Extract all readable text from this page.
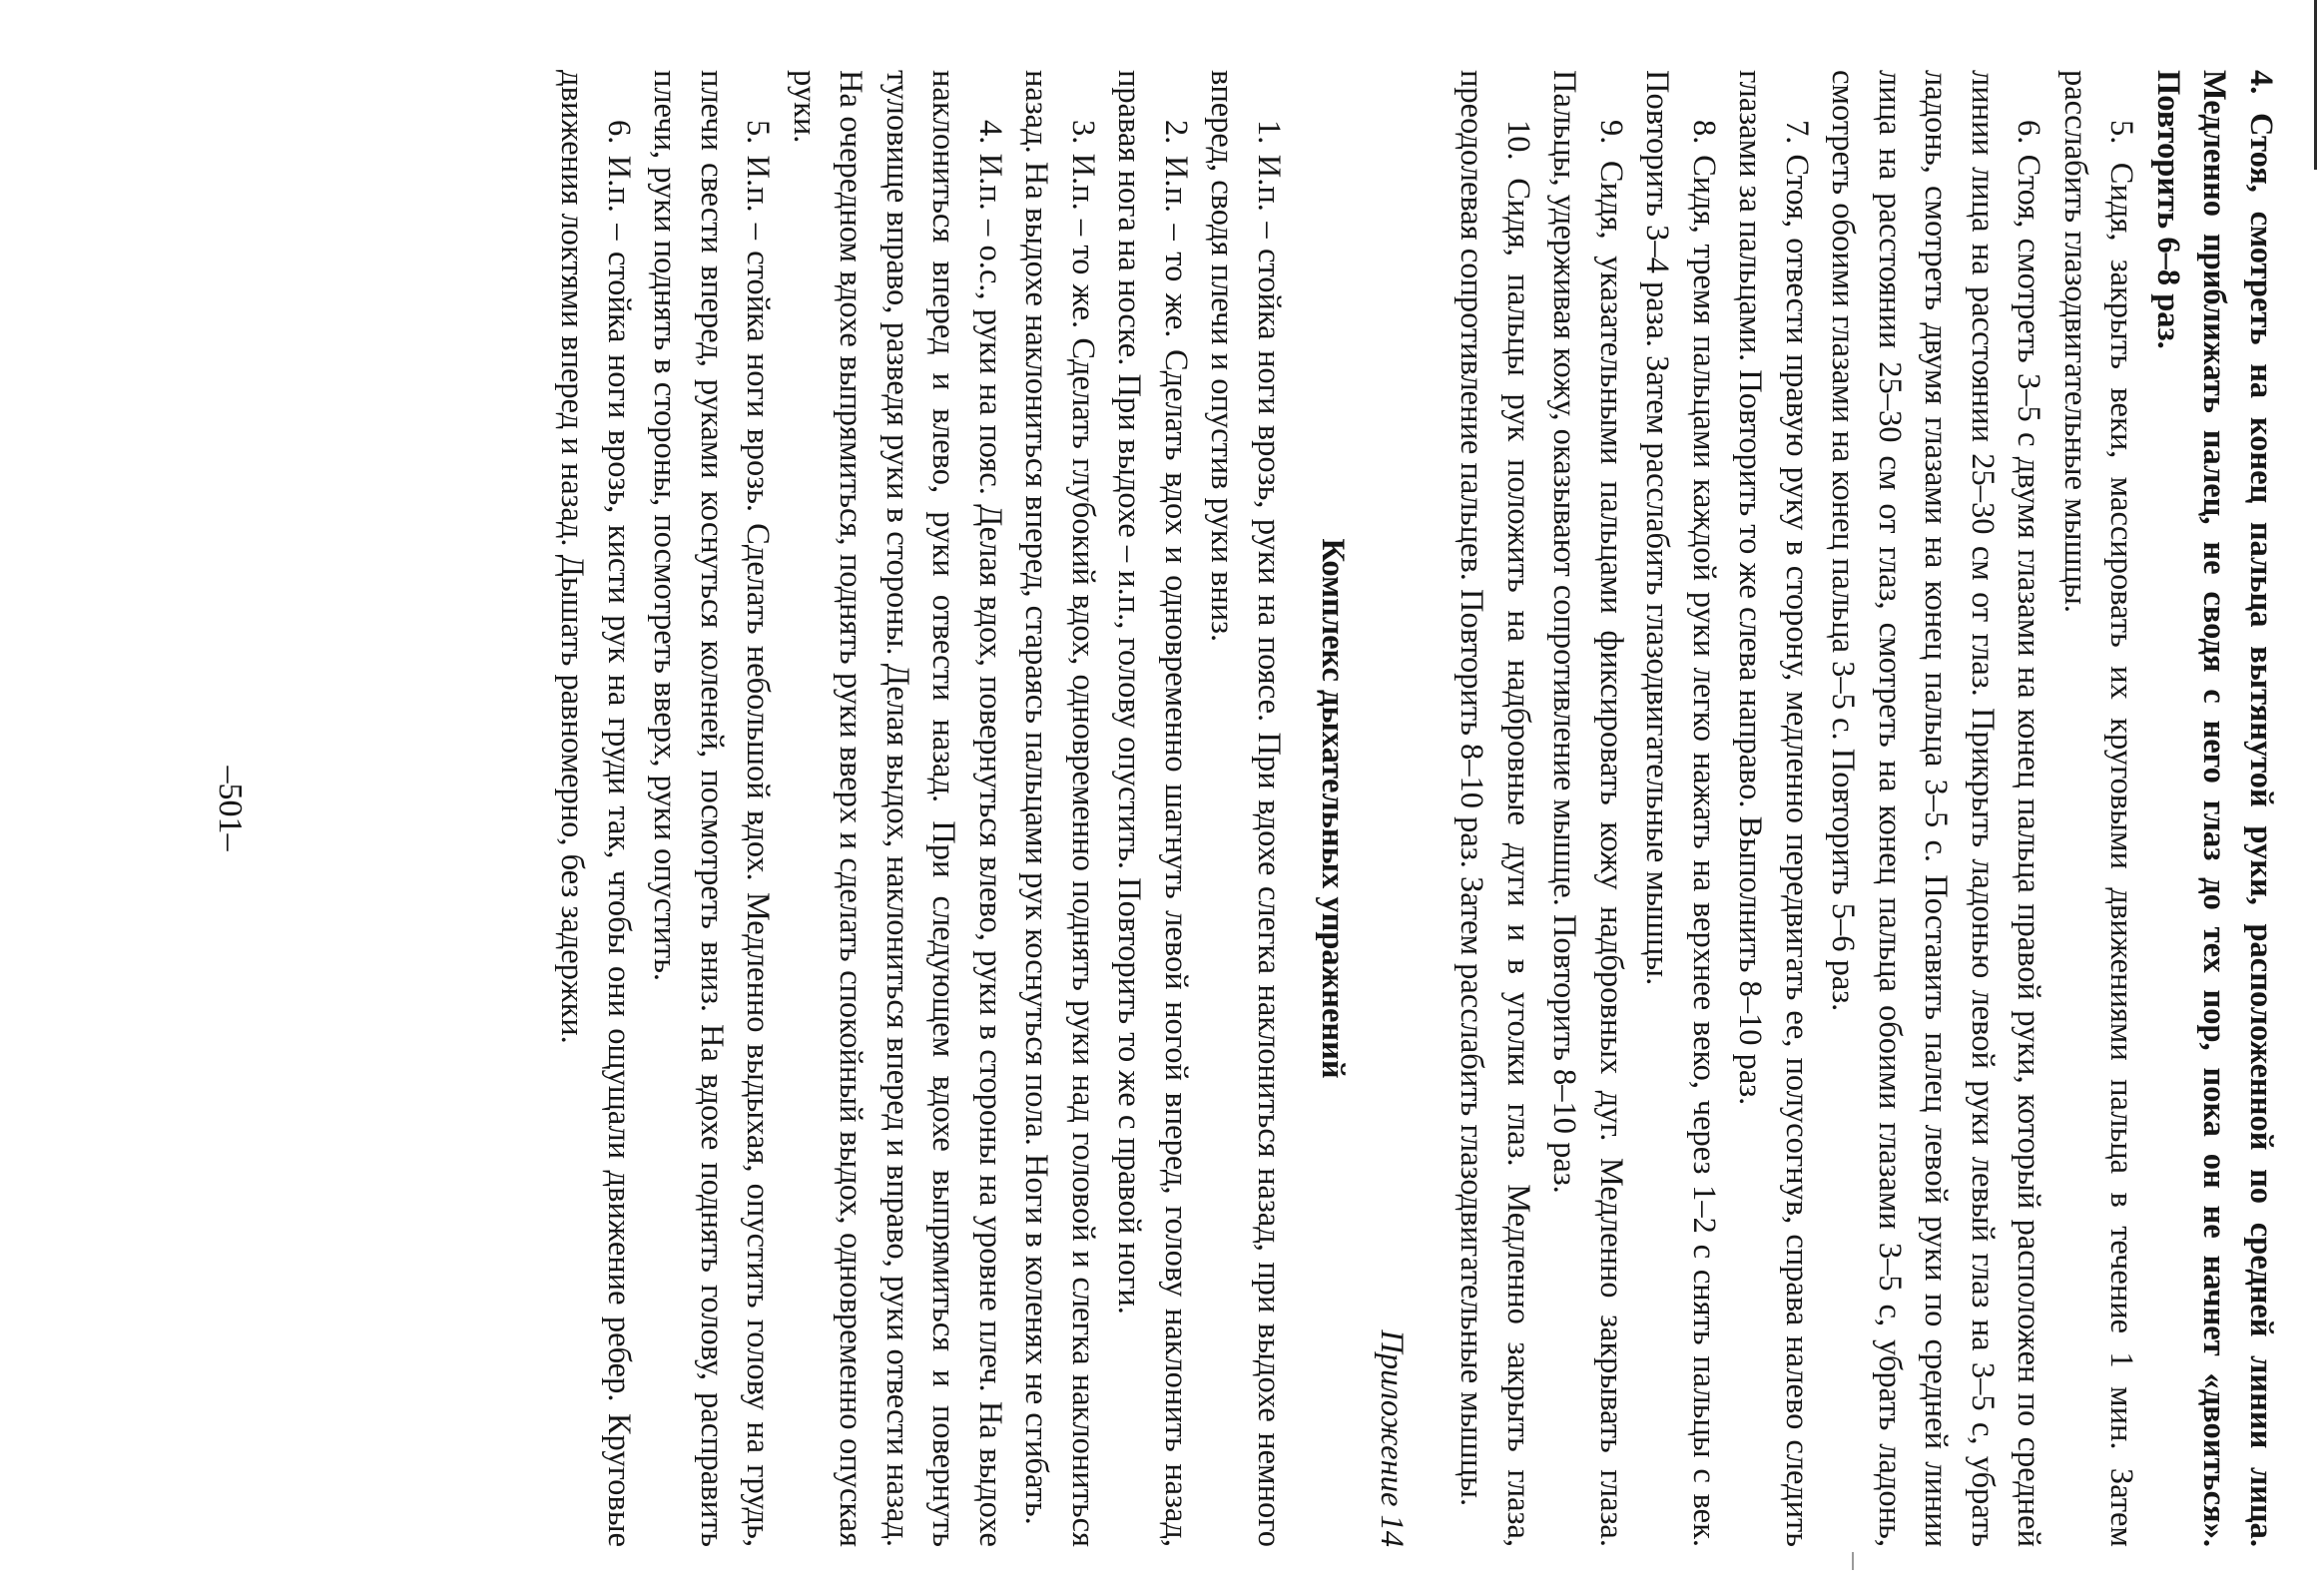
4. Стоя, смотреть на конец пальца вытянутой руки, расположенной по средней линии лица. Медленно приближать палец, не сводя с него глаз до тех пор, пока он не начнет «двоиться». Повторить 6–8 раз.

5. Сидя, закрыть веки, массировать их круговыми движениями пальца в течение 1 мин. Затем расслабить глазодвигательные мышцы.

6. Стоя, смотреть 3–5 с двумя глазами на конец пальца правой руки, который расположен по средней линии лица на расстоянии 25–30 см от глаз. Прикрыть ладонью левой руки левый глаз на 3–5 с, убрать ладонь, смотреть двумя глазами на конец пальца 3–5 с. Поставить палец левой руки по средней линии лица на расстоянии 25–30 см от глаз, смотреть на конец пальца обоими глазами 3–5 с, убрать ладонь, смотреть обоими глазами на конец пальца 3–5 с. Повторить 5–6 раз.

7. Стоя, отвести правую руку в сторону, медленно передвигать ее, полусогнув, справа налево следить глазами за пальцами. Повторить то же слева направо. Выполнить 8–10 раз.

8. Сидя, тремя пальцами каждой руки легко нажать на верхнее веко, через 1–2 с снять пальцы с век. Повторить 3–4 раза. Затем расслабить глазодвигательные мышцы.

9. Сидя, указательными пальцами фиксировать кожу надбровных дуг. Медленно закрывать глаза. Пальцы, удерживая кожу, оказывают сопротивление мышце. Повторить 8–10 раз.

10. Сидя, пальцы рук положить на надбровные дуги и в уголки глаз. Медленно закрыть глаза, преодолевая сопротивление пальцев. Повторить 8–10 раз. Затем расслабить глазодвигательные мышцы.

Приложение 14
Комплекс дыхательных упражнений

1. И.п. – стойка ноги врозь, руки на поясе. При вдохе слегка наклониться назад, при выдохе немного вперед, сводя плечи и опустив руки вниз.

2. И.п. – то же. Сделать вдох и одновременно шагнуть левой ногой вперед, голову наклонить назад, правая нога на носке. При выдохе – и.п., голову опустить. Повторить то же с правой ноги.

3. И.п. – то же. Сделать глубокий вдох, одновременно поднять руки над головой и слегка наклониться назад. На выдохе наклониться вперед, стараясь пальцами рук коснуться пола. Ноги в коленях не сгибать.

4. И.п. – о.с., руки на пояс. Делая вдох, повернуться влево, руки в стороны на уровне плеч. На выдохе наклониться вперед и влево, руки отвести назад. При следующем вдохе выпрямиться и повернуть туловище вправо, разведя руки в стороны. Делая выдох, наклониться вперед и вправо, руки отвести назад. На очередном вдохе выпрямиться, поднять руки вверх и сделать спокойный выдох, одновременно опуская руки.

5. И.п. – стойка ноги врозь. Сделать небольшой вдох. Медленно выдыхая, опустить голову на грудь, плечи свести вперед, руками коснуться коленей, посмотреть вниз. На вдохе поднять голову, расправить плечи, руки поднять в стороны, посмотреть вверх, руки опустить.

6. И.п. – стойка ноги врозь, кисти рук на груди так, чтобы они ощущали движение ребер. Круговые движения локтями вперед и назад. Дышать равномерно, без задержки.

–501–
